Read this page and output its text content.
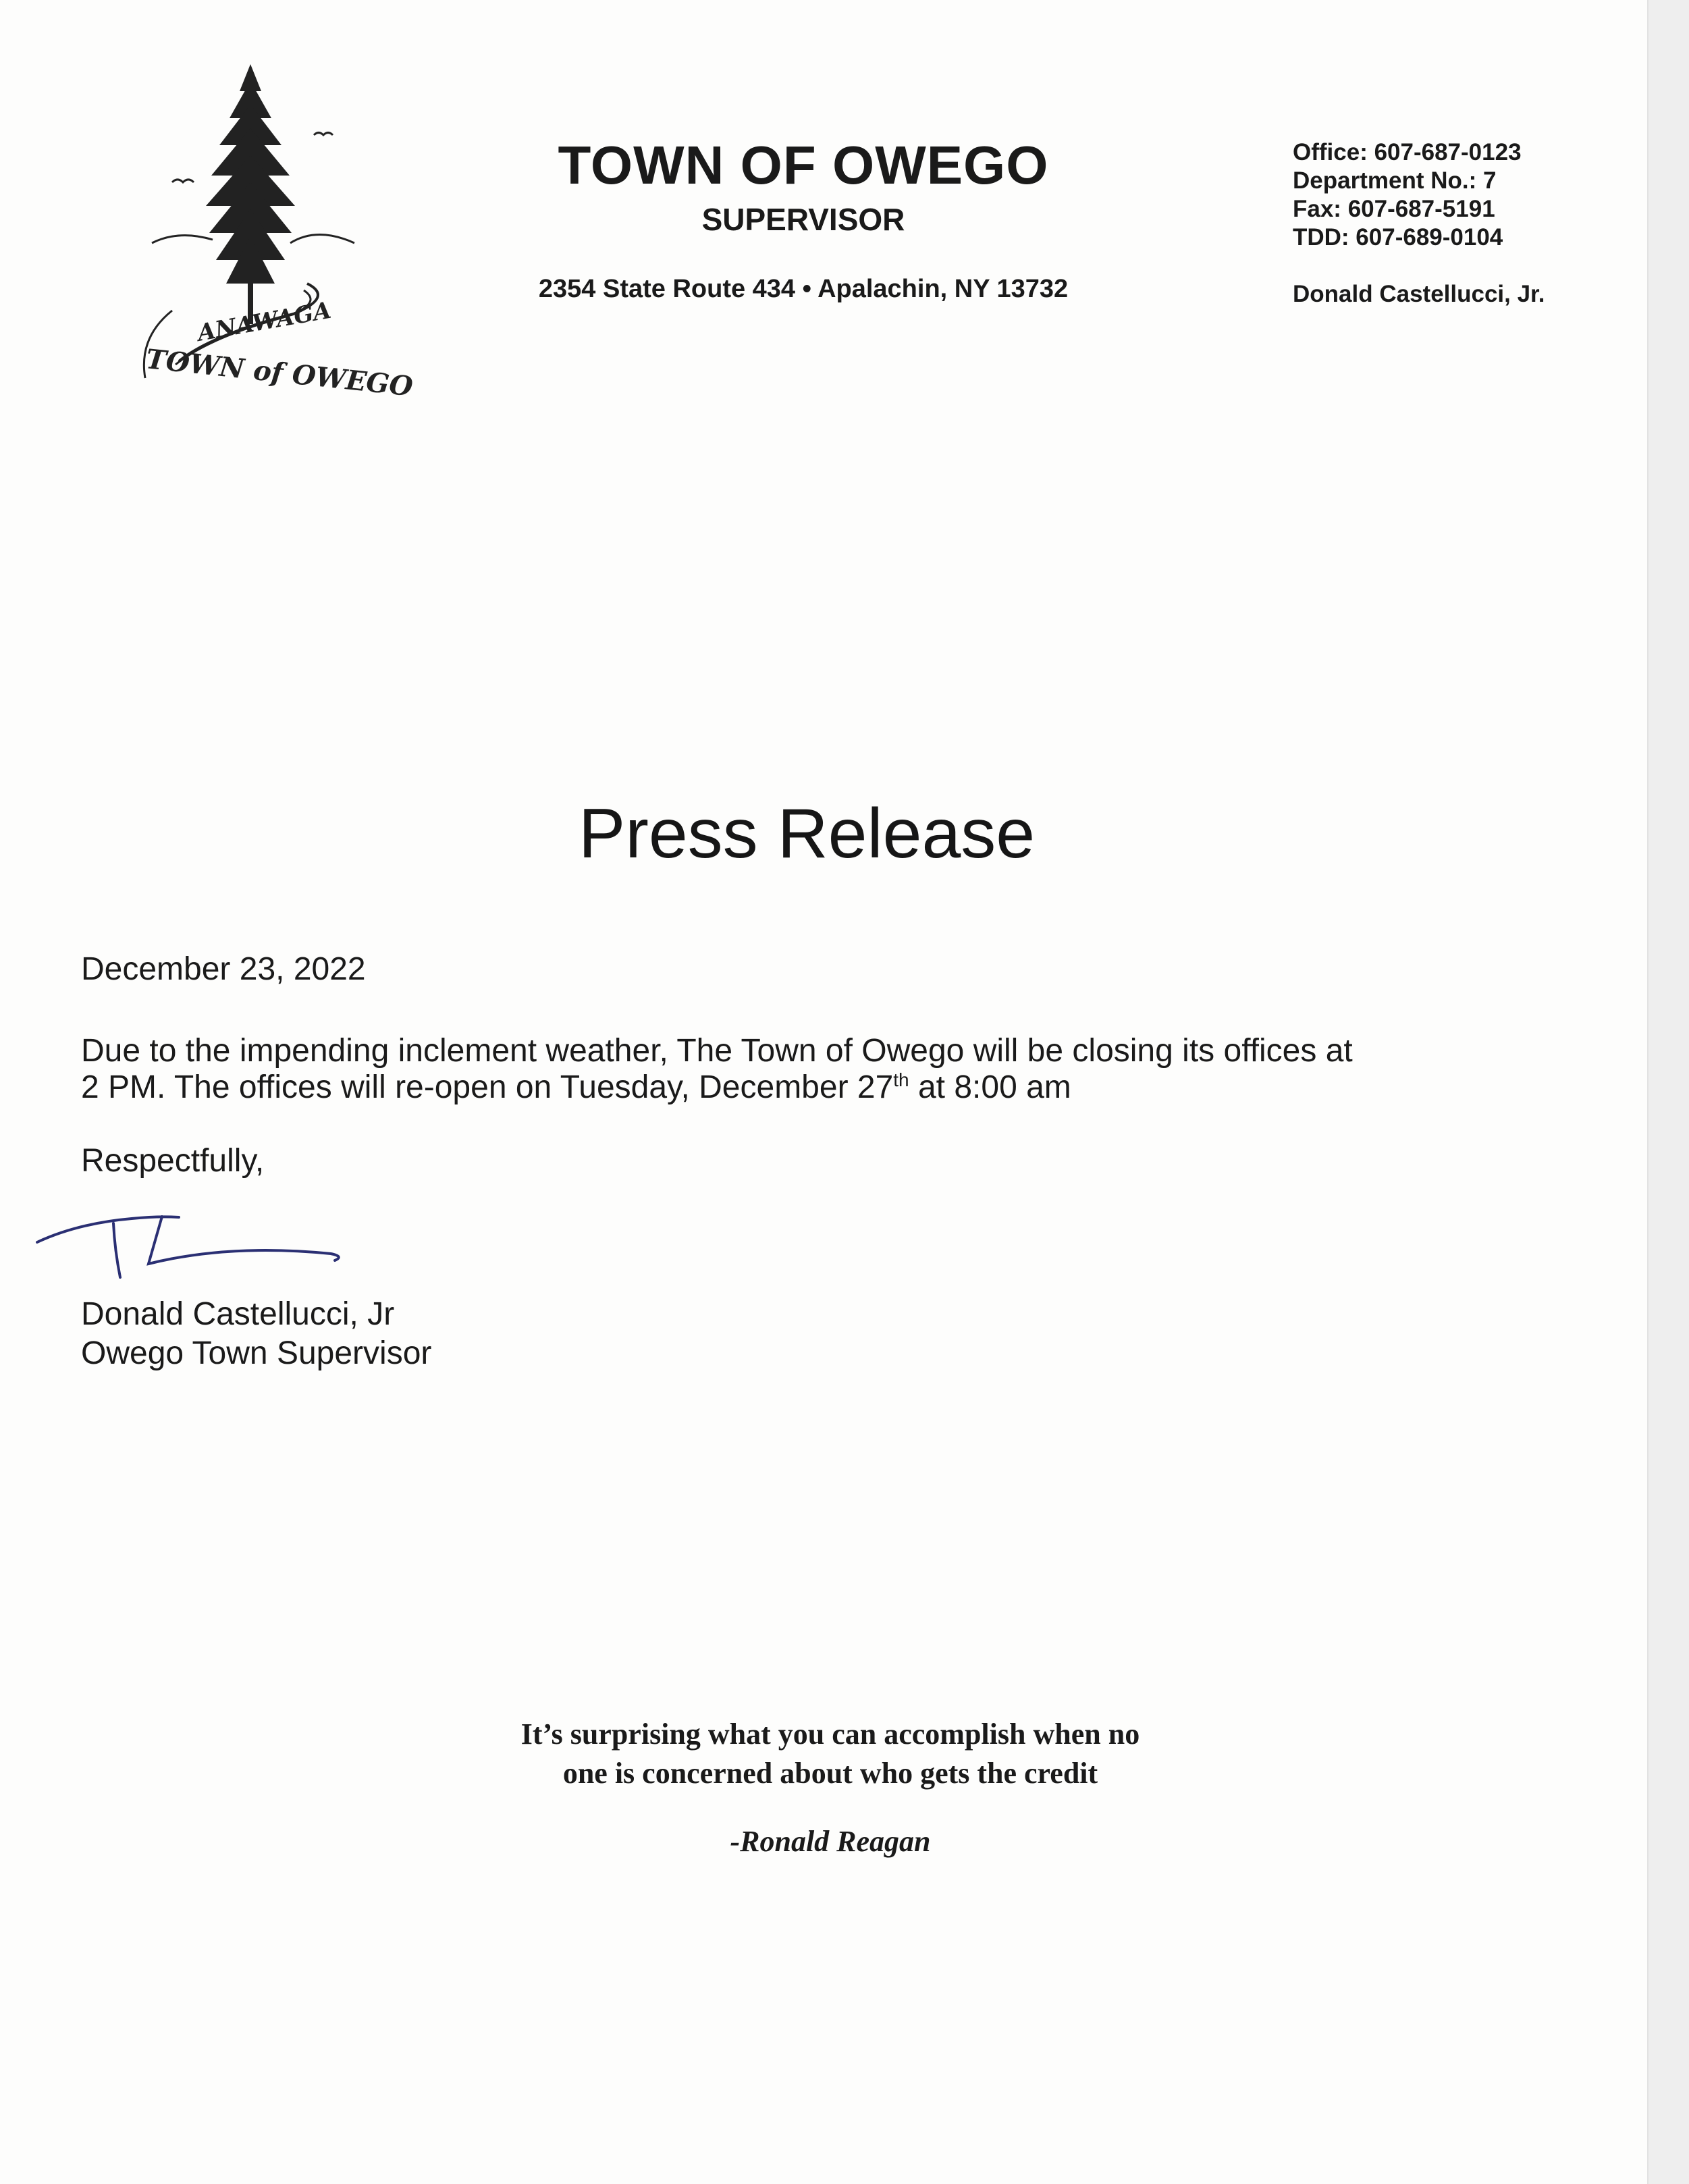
ANAWAGA
TOWN of OWEGO
TOWN OF OWEGO
SUPERVISOR
2354 State Route 434 • Apalachin, NY 13732
Office: 607-687-0123
Department No.: 7
Fax: 607-687-5191
TDD: 607-689-0104
Donald Castellucci, Jr.
Press Release
December 23, 2022
Due to the impending inclement weather, The Town of Owego will be closing its offices at
2 PM. The offices will re-open on Tuesday, December 27th at 8:00 am
Respectfully,
Donald Castellucci, Jr
Owego Town Supervisor
It’s surprising what you can accomplish when no
one is concerned about who gets the credit
-Ronald Reagan
